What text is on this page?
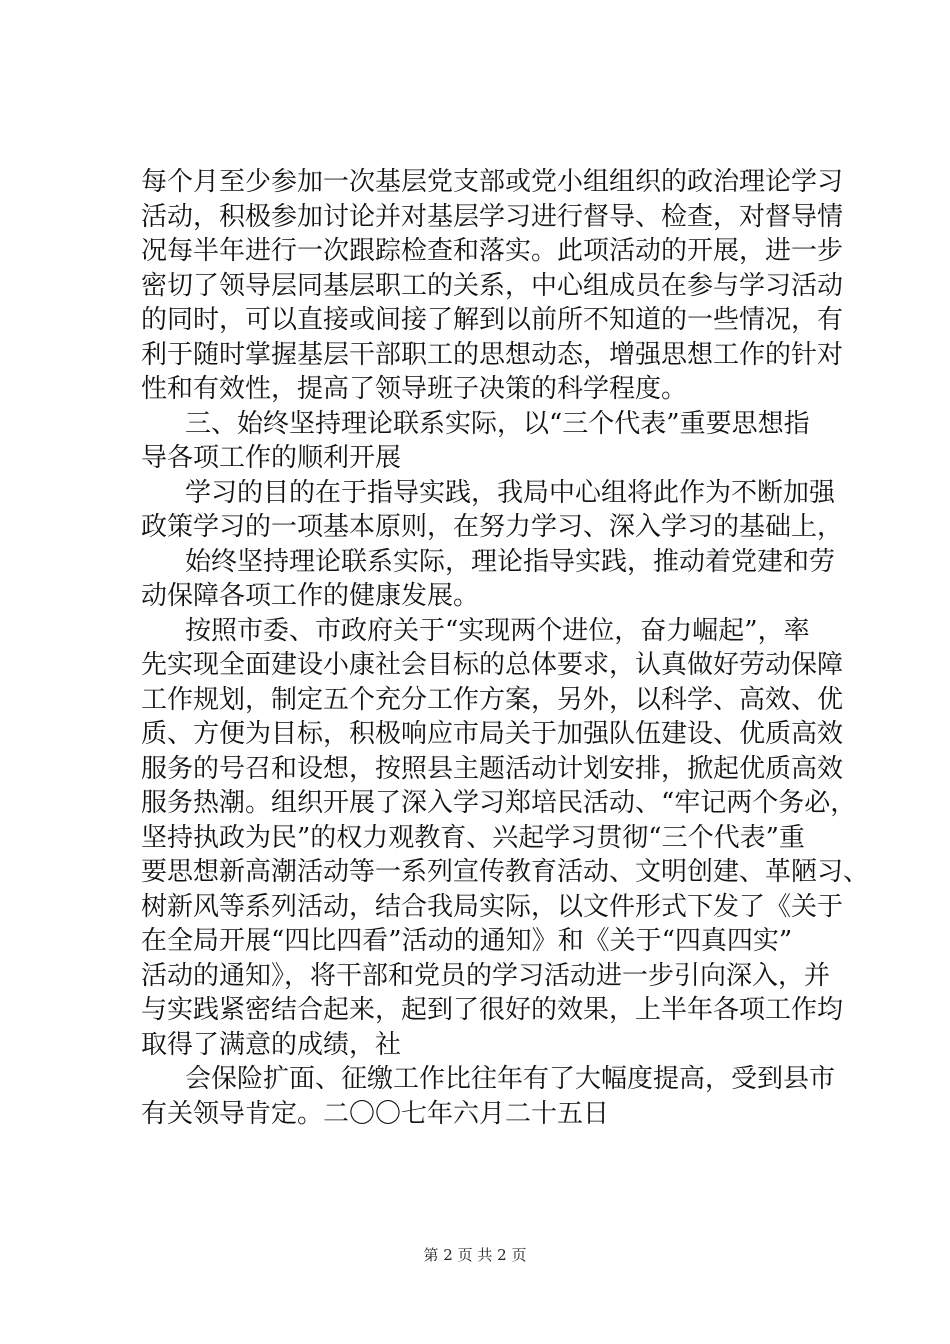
每个月至少参加一次基层党支部或党小组组织的政治理论学习
活动，积极参加讨论并对基层学习进行督导、检查，对督导情
况每半年进行一次跟踪检查和落实。此项活动的开展，进一步
密切了领导层同基层职工的关系，中心组成员在参与学习活动
的同时，可以直接或间接了解到以前所不知道的一些情况，有
利于随时掌握基层干部职工的思想动态，增强思想工作的针对
性和有效性，提高了领导班子决策的科学程度。
三、始终坚持理论联系实际，以“三个代表”重要思想指
导各项工作的顺利开展
学习的目的在于指导实践，我局中心组将此作为不断加强
政策学习的一项基本原则，在努力学习、深入学习的基础上，
始终坚持理论联系实际，理论指导实践，推动着党建和劳
动保障各项工作的健康发展。
按照市委、市政府关于“实现两个进位，奋力崛起”，率
先实现全面建设小康社会目标的总体要求，认真做好劳动保障
工作规划，制定五个充分工作方案，另外，以科学、高效、优
质、方便为目标，积极响应市局关于加强队伍建设、优质高效
服务的号召和设想，按照县主题活动计划安排，掀起优质高效
服务热潮。组织开展了深入学习郑培民活动、“牢记两个务必，
坚持执政为民”的权力观教育、兴起学习贯彻“三个代表”重
要思想新高潮活动等一系列宣传教育活动、文明创建、革陋习、
树新风等系列活动，结合我局实际，以文件形式下发了《关于
在全局开展“四比四看”活动的通知》和《关于“四真四实”
活动的通知》，将干部和党员的学习活动进一步引向深入，并
与实践紧密结合起来，起到了很好的效果，上半年各项工作均
取得了满意的成绩，社
会保险扩面、征缴工作比往年有了大幅度提高，受到县市
有关领导肯定。二〇〇七年六月二十五日
第 2 页 共 2 页
